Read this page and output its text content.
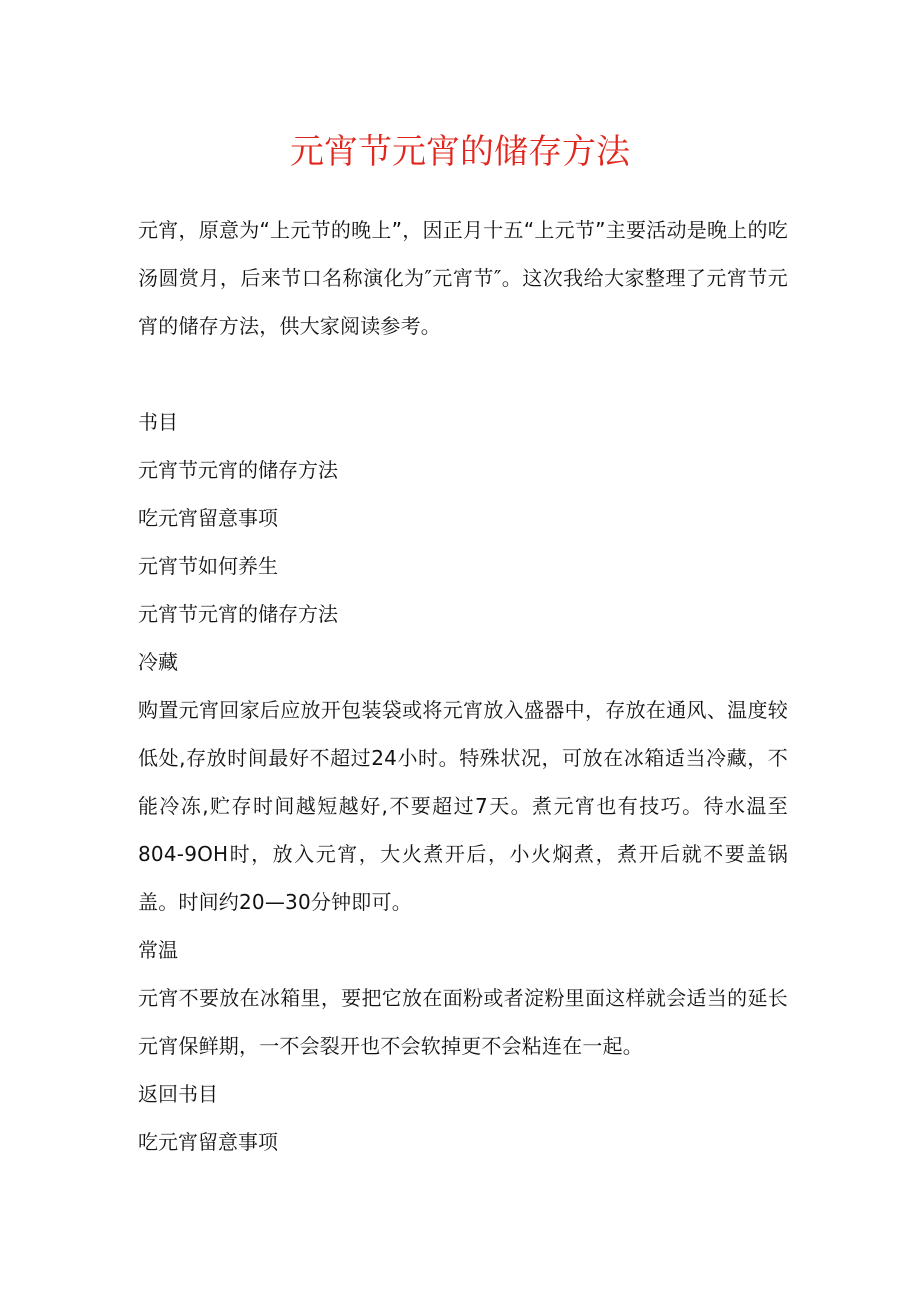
元宵节元宵的储存方法

元宵，原意为“上元节的晚上”，因正月十五“上元节”主要活动是晚上的吃汤圆赏月，后来节口名称演化为″元宵节″。这次我给大家整理了元宵节元宵的储存方法，供大家阅读参考。

书目
元宵节元宵的储存方法
吃元宵留意事项
元宵节如何养生
元宵节元宵的储存方法
冷藏

购置元宵回家后应放开包装袋或将元宵放入盛器中，存放在通风、温度较低处,存放时间最好不超过24小时。特殊状况，可放在冰箱适当冷藏，不能冷冻,贮存时间越短越好,不要超过7天。煮元宵也有技巧。待水温至804-9OH时，放入元宵，大火煮开后，小火焖煮，煮开后就不要盖锅盖。时间约20—30分钟即可。

常温

元宵不要放在冰箱里，要把它放在面粉或者淀粉里面这样就会适当的延长元宵保鲜期，一不会裂开也不会软掉更不会粘连在一起。

返回书目
吃元宵留意事项
